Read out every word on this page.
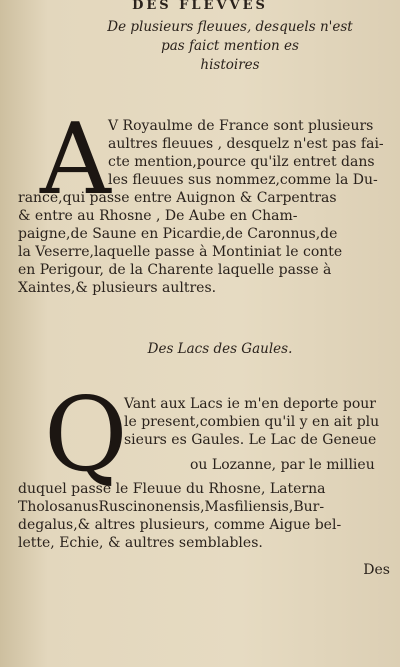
DES FLEVVES
De plusieurs fleuues, desquels n'est
pas faict mention es
histoires
A
V Royaulme de France sont plusieurs
aultres fleuues , desquelz n'est pas fai-
cte mention,pource qu'ilz entret dans
les fleuues sus nommez,comme la Du-
rance,qui passe entre Auignon & Carpentras
& entre au Rhosne , De Aube en Cham-
paigne,de Saune en Picardie,de Caronnus,de
la Veserre,laquelle passe à Montiniat le conte
en Perigour, de la Charente laquelle passe à
Xaintes,& plusieurs aultres.
Des Lacs des Gaules.
Q
Vant aux Lacs ie m'en deporte pour
le present,combien qu'il y en ait plu
sieurs es Gaules. Le Lac de Geneue
ou Lozanne, par le millieu
duquel passe le Fleuue du Rhosne, Laterna
TholosanusRuscinonensis,Masfiliensis,Bur-
degalus,& altres plusieurs, comme Aigue bel-
lette, Echie, & aultres semblables.
Des
